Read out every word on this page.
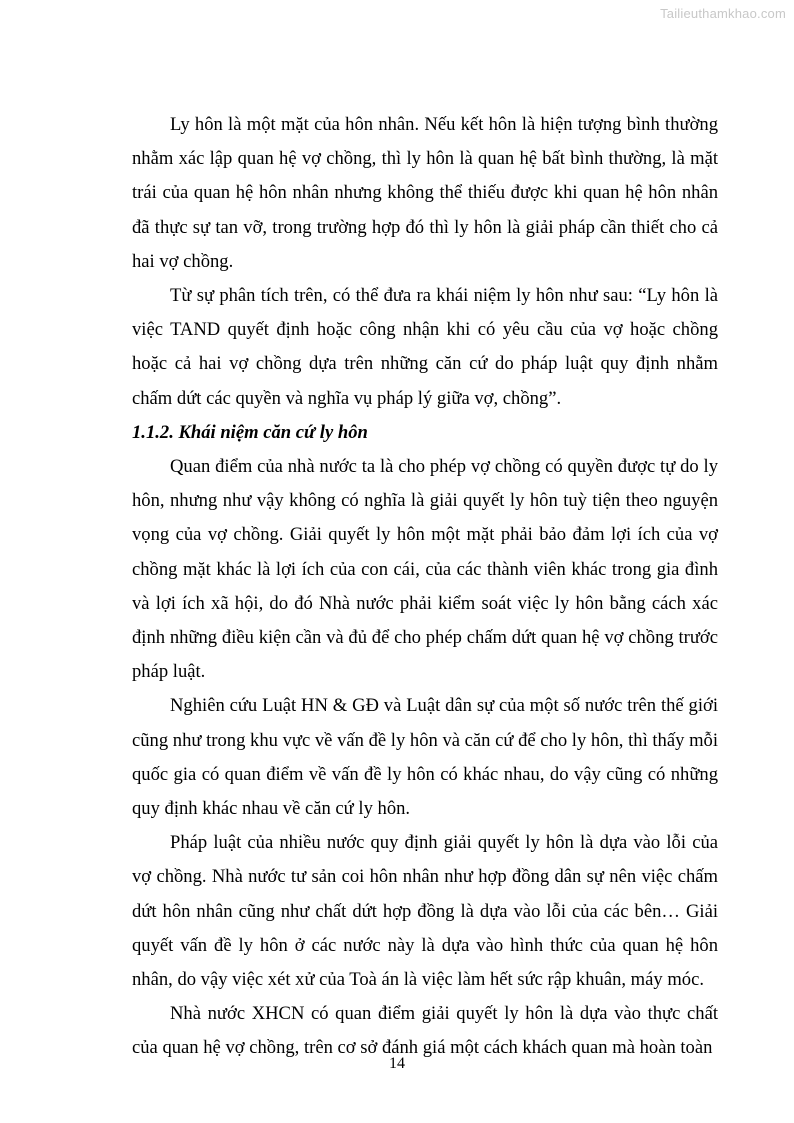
Tailieuthamkhao.com

Ly hôn là một mặt của hôn nhân. Nếu kết hôn là hiện tượng bình thường nhằm xác lập quan hệ vợ chồng, thì ly hôn là quan hệ bất bình thường, là mặt trái của quan hệ hôn nhân nhưng không thể thiếu được khi quan hệ hôn nhân đã thực sự tan vỡ, trong trường hợp đó thì ly hôn là giải pháp cần thiết cho cả hai vợ chồng.

Từ sự phân tích trên, có thể đưa ra khái niệm ly hôn như sau: “Ly hôn là việc TAND quyết định hoặc công nhận khi có yêu cầu của vợ hoặc chồng hoặc cả hai vợ chồng dựa trên những căn cứ do pháp luật quy định nhằm chấm dứt các quyền và nghĩa vụ pháp lý giữa vợ, chồng”.

1.1.2. Khái niệm căn cứ ly hôn

Quan điểm của nhà nước ta là cho phép vợ chồng có quyền được tự do ly hôn, nhưng như vậy không có nghĩa là giải quyết ly hôn tuỳ tiện theo nguyện vọng của vợ chồng. Giải quyết ly hôn một mặt phải bảo đảm lợi ích của vợ chồng mặt khác là lợi ích của con cái, của các thành viên khác trong gia đình và lợi ích xã hội, do đó Nhà nước phải kiểm soát việc ly hôn bằng cách xác định những điều kiện cần và đủ để cho phép chấm dứt quan hệ vợ chồng trước pháp luật.

Nghiên cứu Luật HN & GĐ và Luật dân sự của một số nước trên thế giới cũng như trong khu vực về vấn đề ly hôn và căn cứ để cho ly hôn, thì thấy mỗi quốc gia có quan điểm về vấn đề ly hôn có khác nhau, do vậy cũng có những quy định khác nhau về căn cứ ly hôn.

Pháp luật của nhiều nước quy định giải quyết ly hôn là dựa vào lỗi của vợ chồng. Nhà nước tư sản coi hôn nhân như hợp đồng dân sự nên việc chấm dứt hôn nhân cũng như chất dứt hợp đồng là dựa vào lỗi của các bên… Giải quyết vấn đề ly hôn ở các nước này là dựa vào hình thức của quan hệ hôn nhân, do vậy việc xét xử của Toà án là việc làm hết sức rập khuân, máy móc.

Nhà nước XHCN có quan điểm giải quyết ly hôn là dựa vào thực chất của quan hệ vợ chồng, trên cơ sở đánh giá một cách khách quan mà hoàn toàn

14
